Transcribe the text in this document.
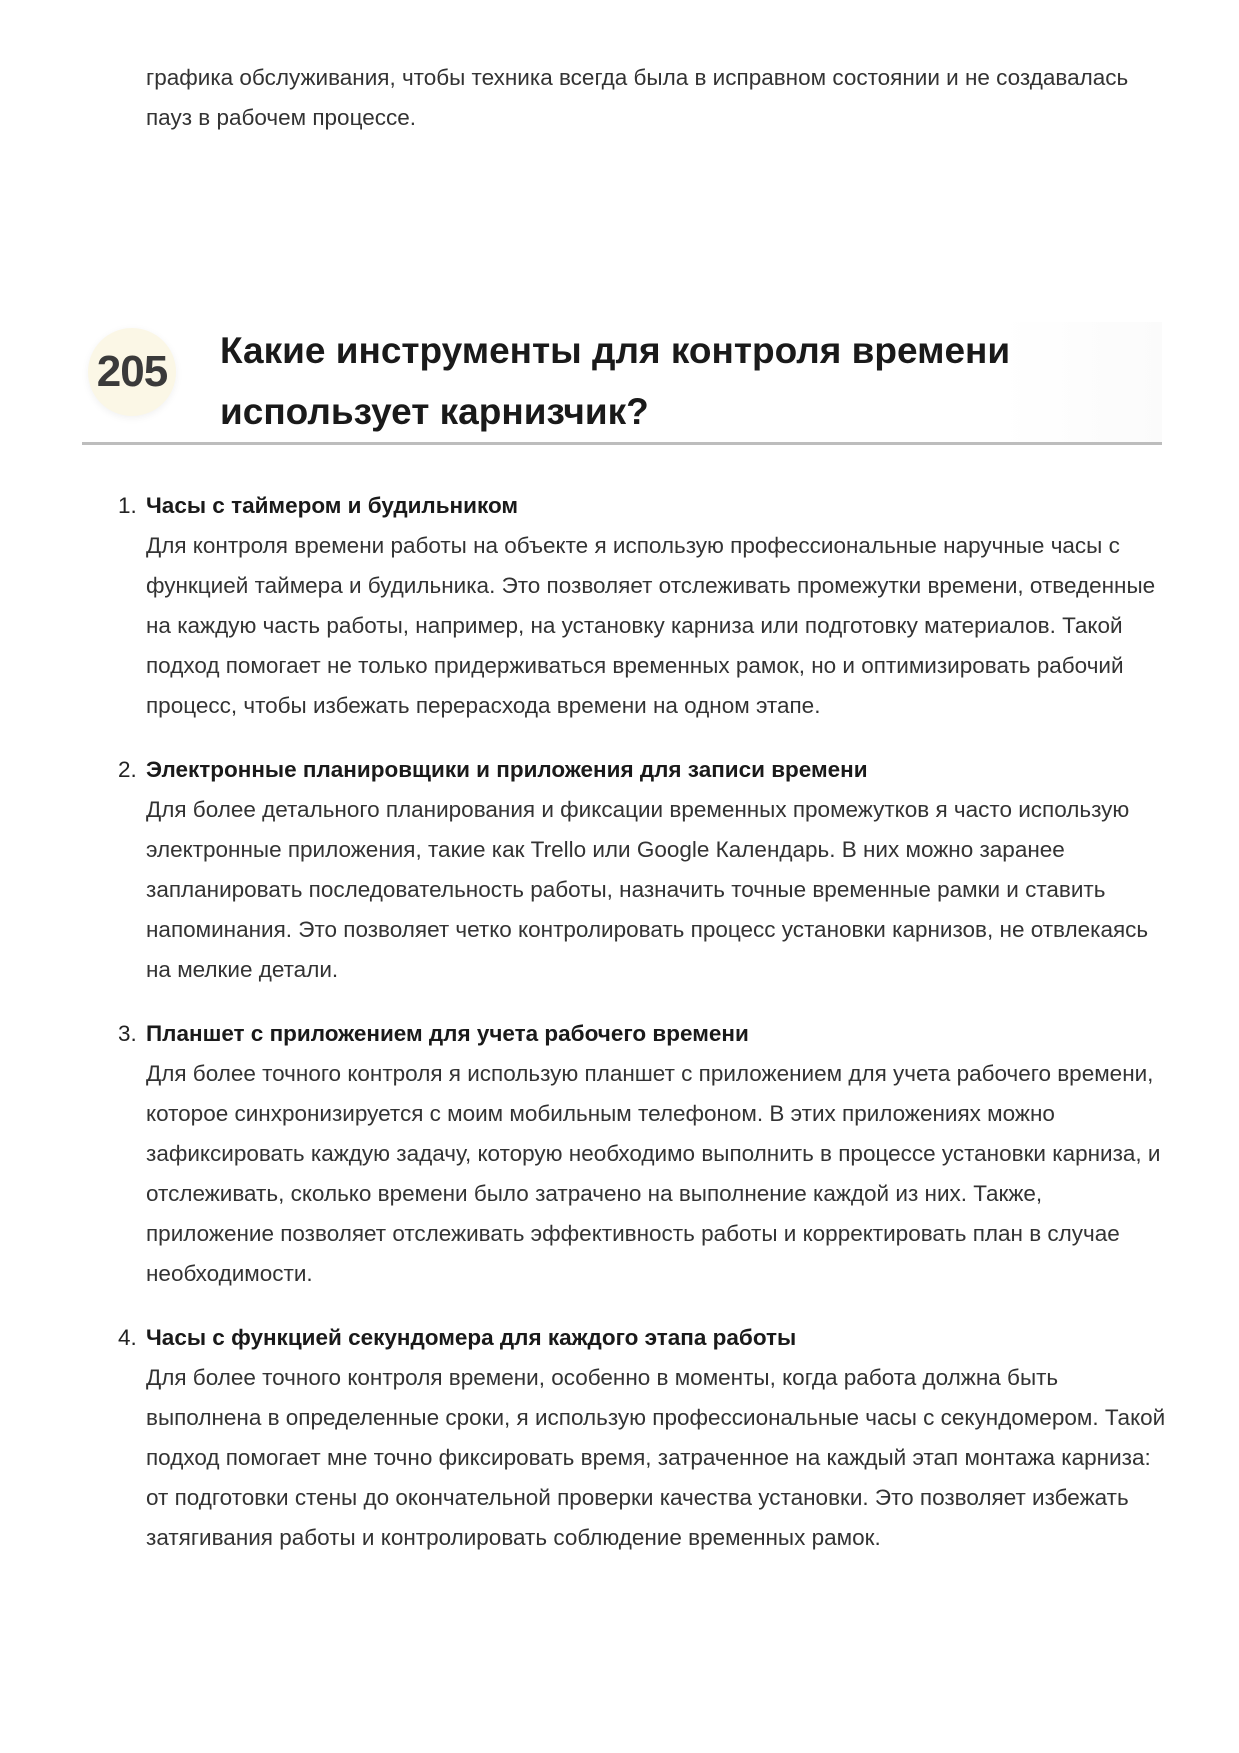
графика обслуживания, чтобы техника всегда была в исправном состоянии и не создавалась пауз в рабочем процессе.

205 Какие инструменты для контроля времени использует карнизчик?
1. Часы с таймером и будильником

Для контроля времени работы на объекте я использую профессиональные наручные часы с функцией таймера и будильника. Это позволяет отслеживать промежутки времени, отведенные на каждую часть работы, например, на установку карниза или подготовку материалов. Такой подход помогает не только придерживаться временных рамок, но и оптимизировать рабочий процесс, чтобы избежать перерасхода времени на одном этапе.

2. Электронные планировщики и приложения для записи времени

Для более детального планирования и фиксации временных промежутков я часто использую электронные приложения, такие как Trello или Google Календарь. В них можно заранее запланировать последовательность работы, назначить точные временные рамки и ставить напоминания. Это позволяет четко контролировать процесс установки карнизов, не отвлекаясь на мелкие детали.

3. Планшет с приложением для учета рабочего времени

Для более точного контроля я использую планшет с приложением для учета рабочего времени, которое синхронизируется с моим мобильным телефоном. В этих приложениях можно зафиксировать каждую задачу, которую необходимо выполнить в процессе установки карниза, и отслеживать, сколько времени было затрачено на выполнение каждой из них. Также, приложение позволяет отслеживать эффективность работы и корректировать план в случае необходимости.

4. Часы с функцией секундомера для каждого этапа работы

Для более точного контроля времени, особенно в моменты, когда работа должна быть выполнена в определенные сроки, я использую профессиональные часы с секундомером. Такой подход помогает мне точно фиксировать время, затраченное на каждый этап монтажа карниза: от подготовки стены до окончательной проверки качества установки. Это позволяет избежать затягивания работы и контролировать соблюдение временных рамок.
